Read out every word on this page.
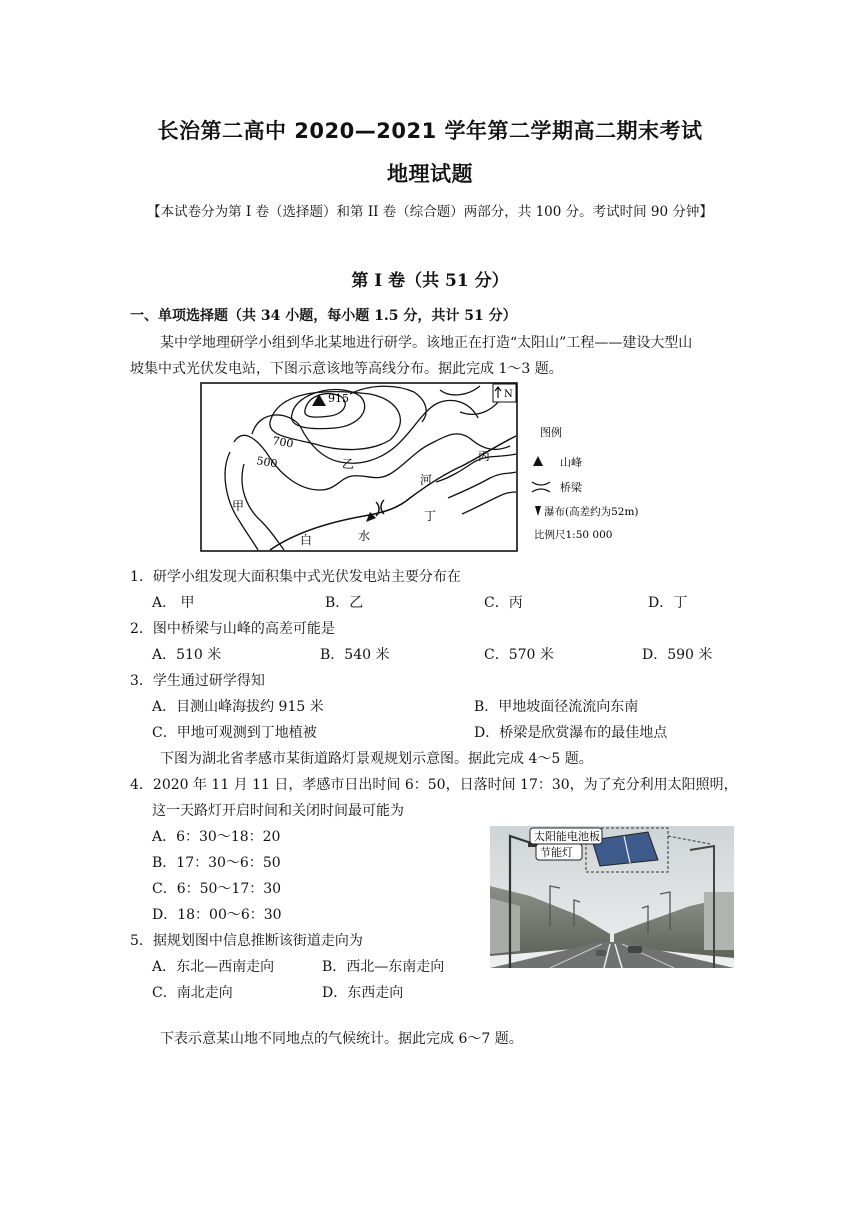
长治第二高中 2020—2021 学年第二学期高二期末考试
地理试题
【本试卷分为第 I 卷（选择题）和第 II 卷（综合题）两部分，共 100 分。考试时间 90 分钟】
第 I 卷（共 51 分）
一、单项选择题（共 34 小题，每小题 1.5 分，共计 51 分）
某中学地理研学小组到华北某地进行研学。该地正在打造“太阳山”工程——建设大型山
坡集中式光伏发电站，下图示意该地等高线分布。据此完成 1～3 题。
915
700
500
N
甲
乙
丙
丁
白	水
河
图例
山峰
桥梁
瀑布(高差约为52m)
比例尺1:50 000
1．研学小组发现大面积集中式光伏发电站主要分布在
A． 甲	B．乙	C．丙	D．丁
2．图中桥梁与山峰的高差可能是
A．510 米	B．540 米	C．570 米	D．590 米
3．学生通过研学得知
A．目测山峰海拔约 915 米	B．甲地坡面径流流向东南
C．甲地可观测到丁地植被	D．桥梁是欣赏瀑布的最佳地点
下图为湖北省孝感市某街道路灯景观规划示意图。据此完成 4～5 题。
4．2020 年 11 月 11 日，孝感市日出时间 6：50，日落时间 17：30，为了充分利用太阳照明，
这一天路灯开启时间和关闭时间最可能为
A．6：30～18：20
B．17：30～6：50
C．6：50～17：30
D．18：00～6：30
5．据规划图中信息推断该街道走向为
A．东北—西南走向	B．西北—东南走向
C．南北走向	D．东西走向
太阳能电池板
节能灯
下表示意某山地不同地点的气候统计。据此完成 6～7 题。
